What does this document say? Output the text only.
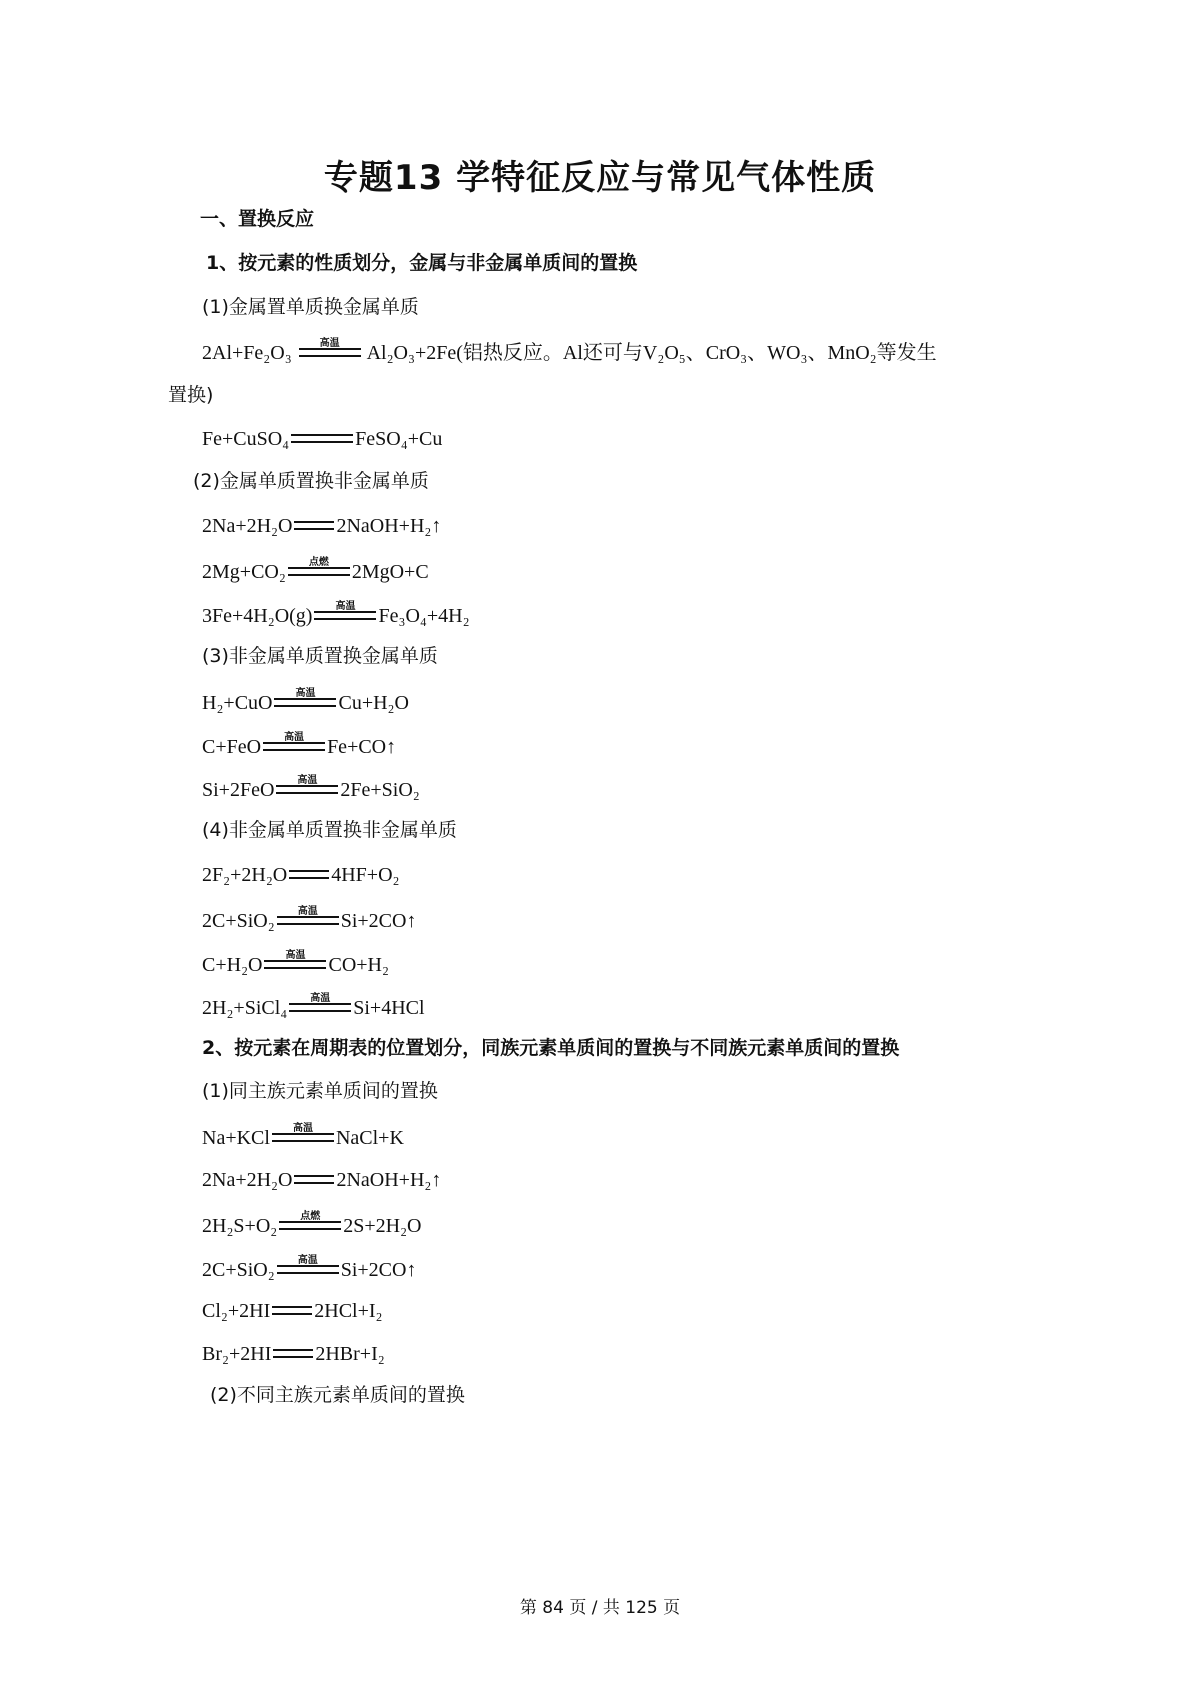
专题13 学特征反应与常见气体性质
一、置换反应
1、按元素的性质划分，金属与非金属单质间的置换
(1)金属置单质换金属单质
2Al+Fe₂O₃	高温	Al₂O₃+2Fe(铝热反应。Al还可与V₂O₅、CrO₃、WO₃、MnO₂等发生
置换)
Fe+CuSO₄	FeSO₄+Cu
(2)金属单质置换非金属单质
2Na+2H₂O 2NaOH+H₂↑
2Mg+CO₂	点燃	2MgO+C
3Fe+4H₂O(g)	高温	Fe₃O₄+4H₂
(3)非金属单质置换金属单质
H₂+CuO	高温	Cu+H₂O
C+FeO	高温	Fe+CO↑
Si+2FeO	高温	2Fe+SiO₂
(4)非金属单质置换非金属单质
2F₂+2H₂O 4HF+O₂
2C+SiO₂	高温	Si+2CO↑
C+H₂O	高温	CO+H₂
2H₂+SiCl₄	高温	Si+4HCl
2、按元素在周期表的位置划分，同族元素单质间的置换与不同族元素单质间的置换
(1)同主族元素单质间的置换
Na+KCl	高温	NaCl+K
2Na+2H₂O 2NaOH+H₂↑
2H₂S+O₂	点燃	2S+2H₂O
2C+SiO₂	高温	Si+2CO↑
Cl₂+2HI 2HCl+I₂
Br₂+2HI 2HBr+I₂
(2)不同主族元素单质间的置换
第 84 页 / 共 125 页
